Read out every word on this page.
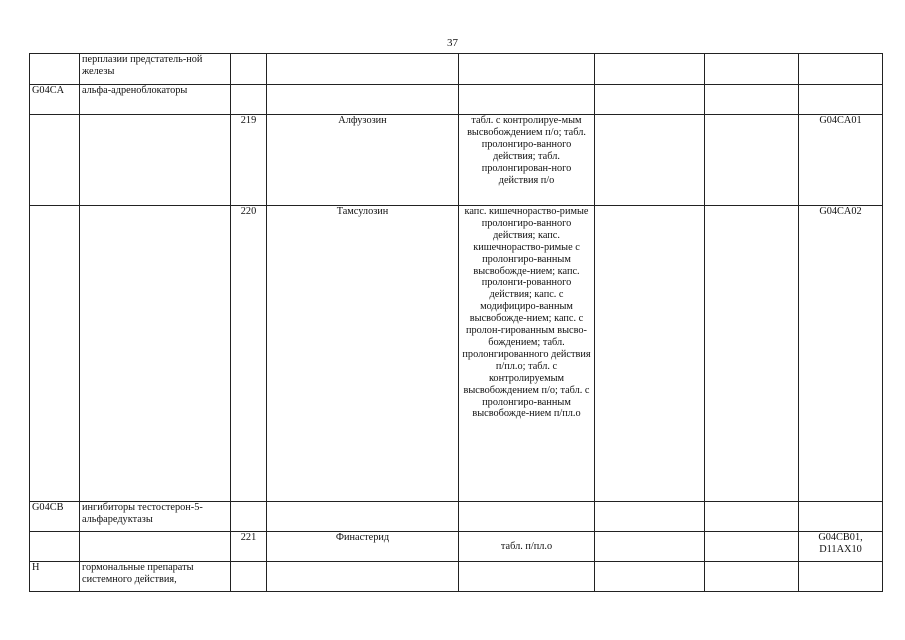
37
	перплазии предстатель-ной железы						
G04CA	альфа-адреноблокаторы						
		219	Алфузозин	табл. с контролируе-мым высвобождением п/о; табл. пролонгиро-ванного действия; табл. пролонгирован-ного действия п/о			G04CA01
		220	Тамсулозин	капс. кишечнораство-римые пролонгиро-ванного действия; капс. кишечнораство-римые с пролонгиро-ванным высвобожде-нием; капс. пролонги-рованного действия; капс. с модифициро-ванным высвобожде-нием; капс. с пролон-гированным высво-бождением; табл. пролонгированного действия п/пл.о; табл. с контролируемым высвобождением п/о; табл. с пролонгиро-ванным высвобожде-нием п/пл.о			G04CA02
G04CB	ингибиторы тестостерон-5-альфаредуктазы						
		221	Финастерид	табл. п/пл.о			G04CB01, D11AX10
H	гормональные препараты системного действия,						
